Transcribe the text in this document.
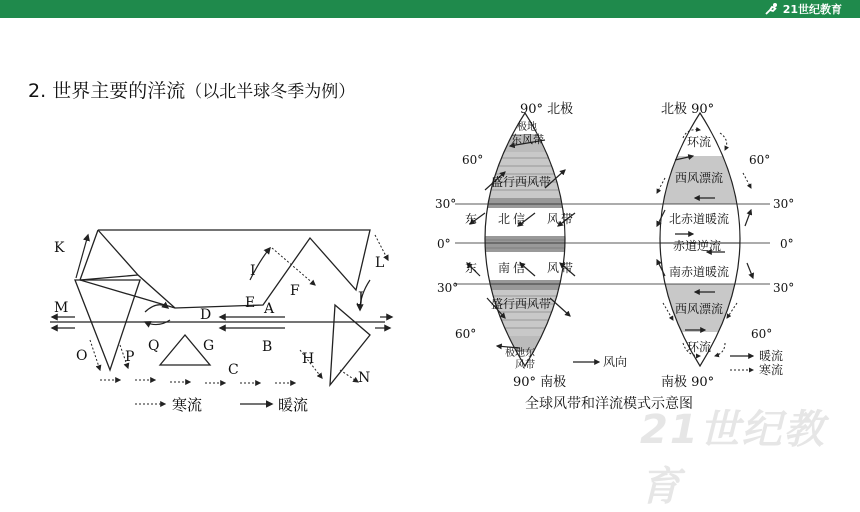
21世纪教育
2. 世界主要的洋流（以北半球冬季为例）
K
L
M
I
E A
F
D
J
B
Q	G
O	P	H
C	N
寒流	暖流
90° 北极
90° 南极
北极 90°
南极 90°
60°
30°
0°
30°
60°
60°
30°
0°
30°
60°
极地
东风带
盛行西风带
东 北 信 风 带
东 南 信 风 带
盛行西风带
极地东
风带	风向
环流
西风漂流
北赤道暖流
赤道逆流
南赤道暖流
西风漂流
环流
暖流
寒流
全球风带和洋流模式示意图
21世纪教育
